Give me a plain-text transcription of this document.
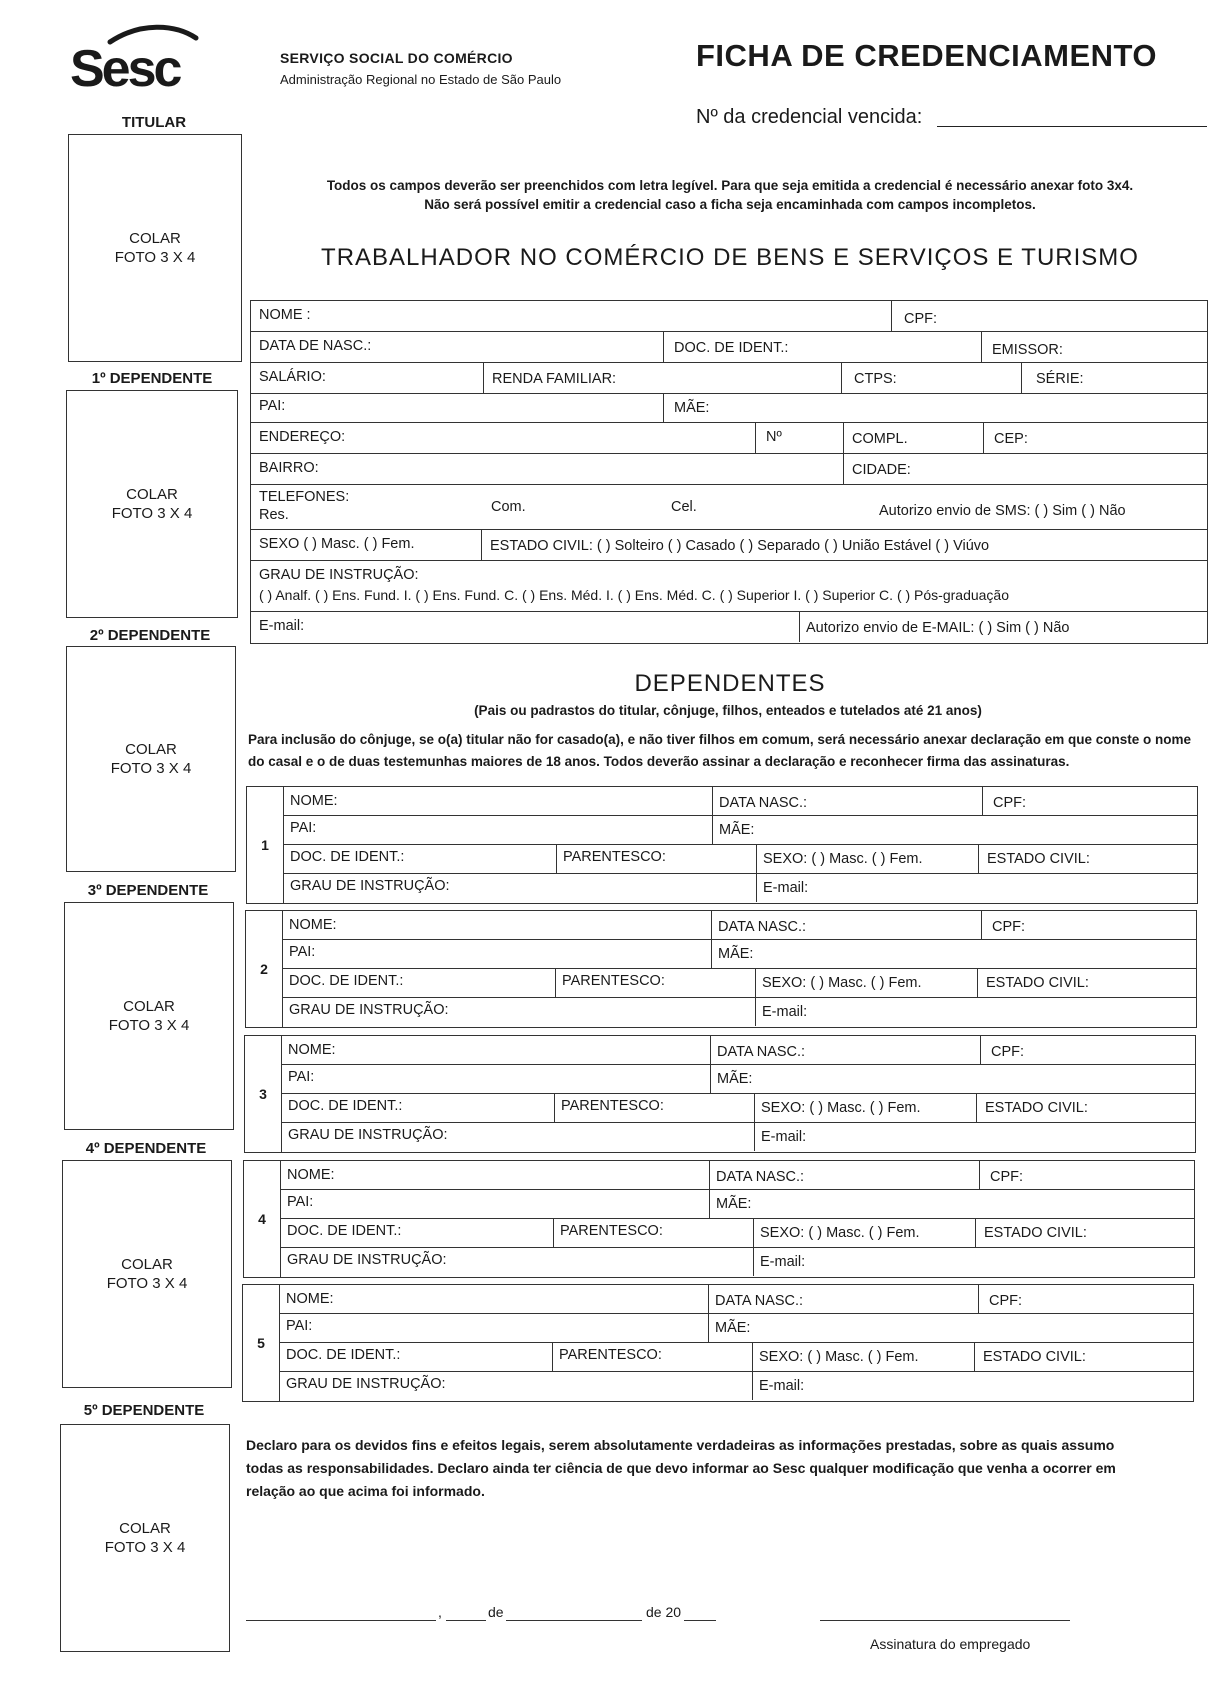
Sesc	SERVIÇO SOCIAL DO COMÉRCIO
Administração Regional no Estado de São Paulo
FICHA DE CREDENCIAMENTO
Nº da credencial vencida:
TITULAR
COLAR
FOTO 3 X 4
1º DEPENDENTE
COLAR
FOTO 3 X 4
2º DEPENDENTE
COLAR
FOTO 3 X 4
3º DEPENDENTE
COLAR
FOTO 3 X 4
4º DEPENDENTE
COLAR
FOTO 3 X 4
5º DEPENDENTE
COLAR
FOTO 3 X 4
Todos os campos deverão ser preenchidos com letra legível. Para que seja emitida a credencial é necessário anexar foto 3x4.
Não será possível emitir a credencial caso a ficha seja encaminhada com campos incompletos.
TRABALHADOR NO COMÉRCIO DE BENS E SERVIÇOS E TURISMO
NOME :	CPF:
DATA DE NASC.:	DOC. DE IDENT.:	EMISSOR:
SALÁRIO:	RENDA FAMILIAR:	CTPS:	SÉRIE:
PAI:	MÃE:
ENDEREÇO:	Nº	COMPL.	CEP:
BAIRRO:	CIDADE:
TELEFONES:
Res.	Com.	Cel.	Autorizo envio de SMS: ( ) Sim ( ) Não
SEXO ( ) Masc. ( ) Fem.	ESTADO CIVIL: ( ) Solteiro ( ) Casado ( ) Separado ( ) União Estável ( ) Viúvo
GRAU DE INSTRUÇÃO:
( ) Analf. ( ) Ens. Fund. I. ( ) Ens. Fund. C. ( ) Ens. Méd. I. ( ) Ens. Méd. C. ( ) Superior I. ( ) Superior C. ( ) Pós-graduação
E-mail:	Autorizo envio de E-MAIL: ( ) Sim ( ) Não
DEPENDENTES
(Pais ou padrastos do titular, cônjuge, filhos, enteados e tutelados até 21 anos)
Para inclusão do cônjuge, se o(a) titular não for casado(a), e não tiver filhos em comum, será necessário anexar declaração em que conste o nome do casal e o de duas testemunhas maiores de 18 anos. Todos deverão assinar a declaração e reconhecer firma das assinaturas.
1
NOME:	DATA NASC.:	CPF:
PAI:	MÃE:
DOC. DE IDENT.:	PARENTESCO:	SEXO: ( ) Masc. ( ) Fem.	ESTADO CIVIL:
GRAU DE INSTRUÇÃO:	E-mail:
2
NOME:	DATA NASC.:	CPF:
PAI:	MÃE:
DOC. DE IDENT.:	PARENTESCO:	SEXO: ( ) Masc. ( ) Fem.	ESTADO CIVIL:
GRAU DE INSTRUÇÃO:	E-mail:
3
NOME:	DATA NASC.:	CPF:
PAI:	MÃE:
DOC. DE IDENT.:	PARENTESCO:	SEXO: ( ) Masc. ( ) Fem.	ESTADO CIVIL:
GRAU DE INSTRUÇÃO:	E-mail:
4
NOME:	DATA NASC.:	CPF:
PAI:	MÃE:
DOC. DE IDENT.:	PARENTESCO:	SEXO: ( ) Masc. ( ) Fem.	ESTADO CIVIL:
GRAU DE INSTRUÇÃO:	E-mail:
5
NOME:	DATA NASC.:	CPF:
PAI:	MÃE:
DOC. DE IDENT.:	PARENTESCO:	SEXO: ( ) Masc. ( ) Fem.	ESTADO CIVIL:
GRAU DE INSTRUÇÃO:	E-mail:
Declaro para os devidos fins e efeitos legais, serem absolutamente verdadeiras as informações prestadas, sobre as quais assumo todas as responsabilidades. Declaro ainda ter ciência de que devo informar ao Sesc qualquer modificação que venha a ocorrer em relação ao que acima foi informado.
,	de	de 20
Assinatura do empregado
